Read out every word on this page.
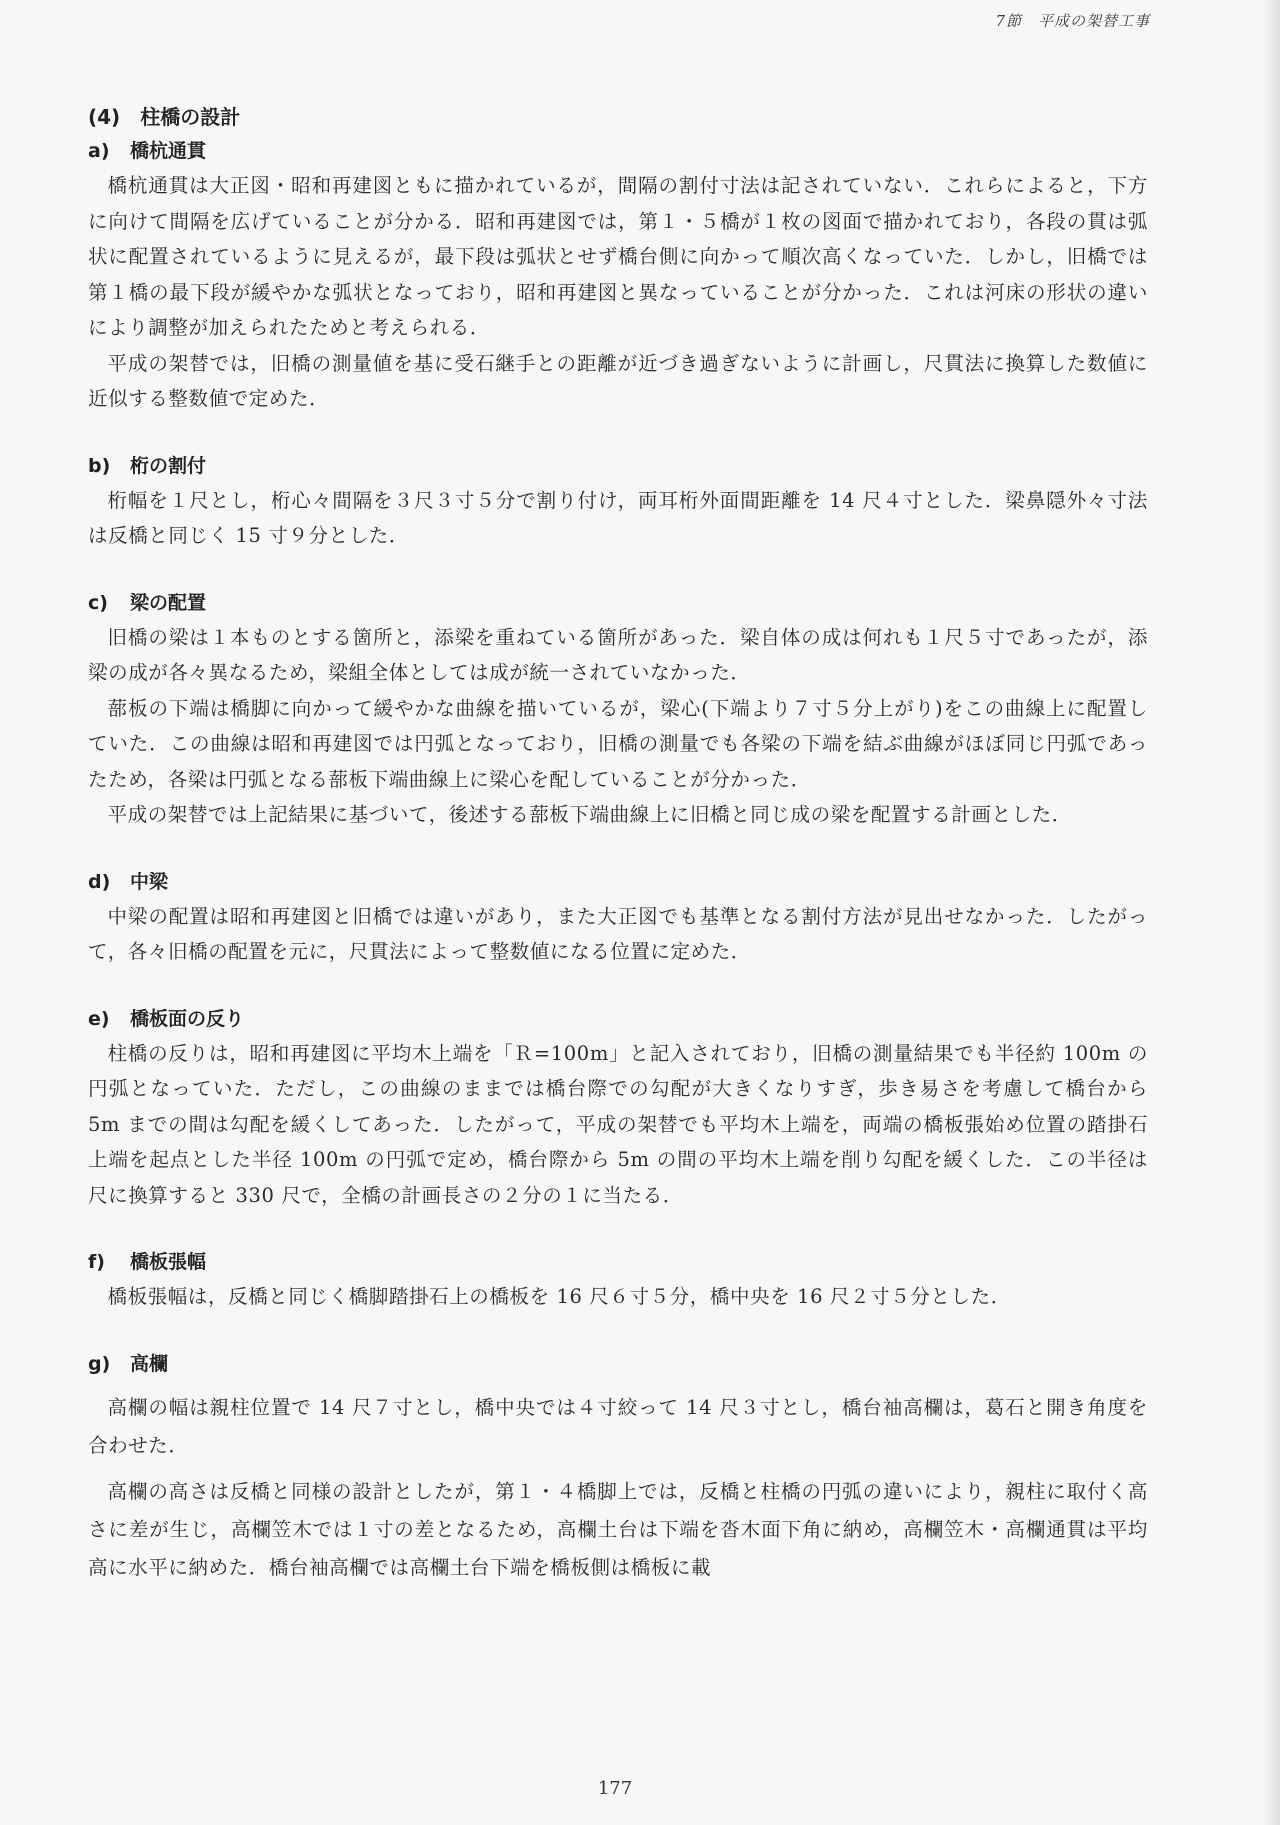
7節　平成の架替工事
(4)　柱橋の設計
a) 橋杭通貫

橋杭通貫は大正図・昭和再建図ともに描かれているが，間隔の割付寸法は記されていない．これらによると，下方に向けて間隔を広げていることが分かる．昭和再建図では，第１・５橋が１枚の図面で描かれており，各段の貫は弧状に配置されているように見えるが，最下段は弧状とせず橋台側に向かって順次高くなっていた．しかし，旧橋では第１橋の最下段が緩やかな弧状となっており，昭和再建図と異なっていることが分かった．これは河床の形状の違いにより調整が加えられたためと考えられる．

平成の架替では，旧橋の測量値を基に受石継手との距離が近づき過ぎないように計画し，尺貫法に換算した数値に近似する整数値で定めた．

b) 桁の割付

桁幅を１尺とし，桁心々間隔を３尺３寸５分で割り付け，両耳桁外面間距離を 14 尺４寸とした．梁鼻隠外々寸法は反橋と同じく 15 寸９分とした．

c) 梁の配置

旧橋の梁は１本ものとする箇所と，添梁を重ねている箇所があった．梁自体の成は何れも１尺５寸であったが，添梁の成が各々異なるため，梁組全体としては成が統一されていなかった．

蔀板の下端は橋脚に向かって緩やかな曲線を描いているが，梁心(下端より７寸５分上がり)をこの曲線上に配置していた．この曲線は昭和再建図では円弧となっており，旧橋の測量でも各梁の下端を結ぶ曲線がほぼ同じ円弧であったため，各梁は円弧となる蔀板下端曲線上に梁心を配していることが分かった．

平成の架替では上記結果に基づいて，後述する蔀板下端曲線上に旧橋と同じ成の梁を配置する計画とした．

d) 中梁

中梁の配置は昭和再建図と旧橋では違いがあり，また大正図でも基準となる割付方法が見出せなかった．したがって，各々旧橋の配置を元に，尺貫法によって整数値になる位置に定めた．

e) 橋板面の反り

柱橋の反りは，昭和再建図に平均木上端を「Ｒ=100m」と記入されており，旧橋の測量結果でも半径約 100m の円弧となっていた．ただし，この曲線のままでは橋台際での勾配が大きくなりすぎ，歩き易さを考慮して橋台から 5m までの間は勾配を緩くしてあった．したがって，平成の架替でも平均木上端を，両端の橋板張始め位置の踏掛石上端を起点とした半径 100m の円弧で定め，橋台際から 5m の間の平均木上端を削り勾配を緩くした．この半径は尺に換算すると 330 尺で，全橋の計画長さの２分の１に当たる．

f) 橋板張幅

橋板張幅は，反橋と同じく橋脚踏掛石上の橋板を 16 尺６寸５分，橋中央を 16 尺２寸５分とした．

g) 高欄

高欄の幅は親柱位置で 14 尺７寸とし，橋中央では４寸絞って 14 尺３寸とし，橋台袖高欄は，葛石と開き角度を合わせた．

高欄の高さは反橋と同様の設計としたが，第１・４橋脚上では，反橋と柱橋の円弧の違いにより，親柱に取付く高さに差が生じ，高欄笠木では１寸の差となるため，高欄土台は下端を沓木面下角に納め，高欄笠木・高欄通貫は平均高に水平に納めた．橋台袖高欄では高欄土台下端を橋板側は橋板に載

177
